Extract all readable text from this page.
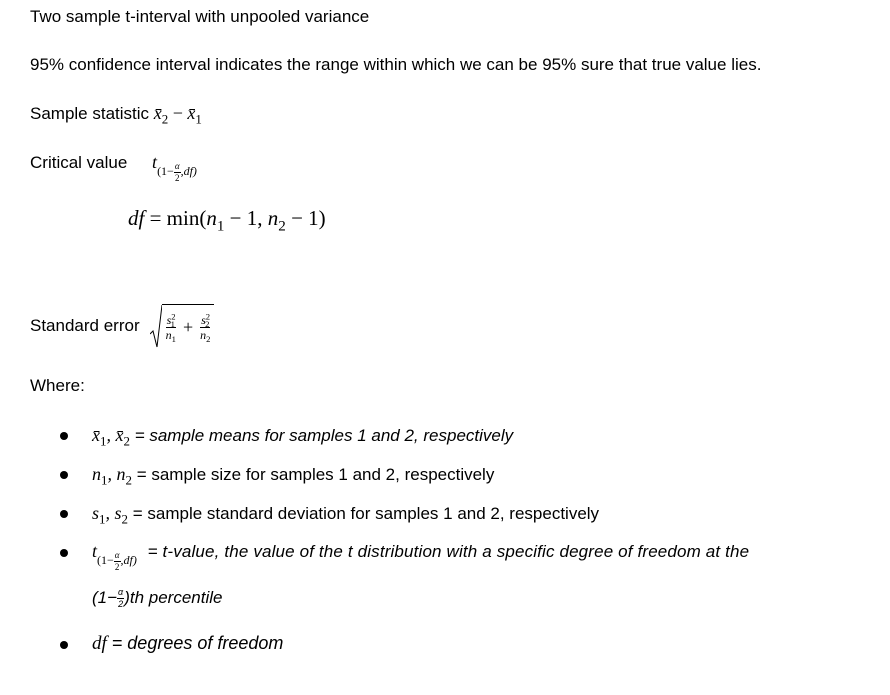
Two sample t-interval with unpooled variance
95% confidence interval indicates the range within which we can be 95% sure that true value lies.
Sample statistic $x̄̄_2$ − $x̄̄_1$
Critical value $t_{(1- \frac{\alpha}{2} ,df)}$
df = $\min(n_1 - 1$, $n_2 - 1$)
Standard error $\frac{s^2_1}{n_1} + \frac{s^2_2}{n_2}$
Where:
$x̄̄_1$, $x̄̄_2$ = sample means for samples 1 and 2, respectively
$n_1$, $n_2$ = sample size for samples 1 and 2, respectively
$s_1$, $s_2$ = sample standard deviation for samples 1 and 2, respectively
$t_{(1- \frac{\alpha}{2} ,df)}$ = t-value, the value of the t distribution with a specific degree of freedom at the
$(1- \frac{\alpha}{2} )th$ percentile
df = degrees of freedom
